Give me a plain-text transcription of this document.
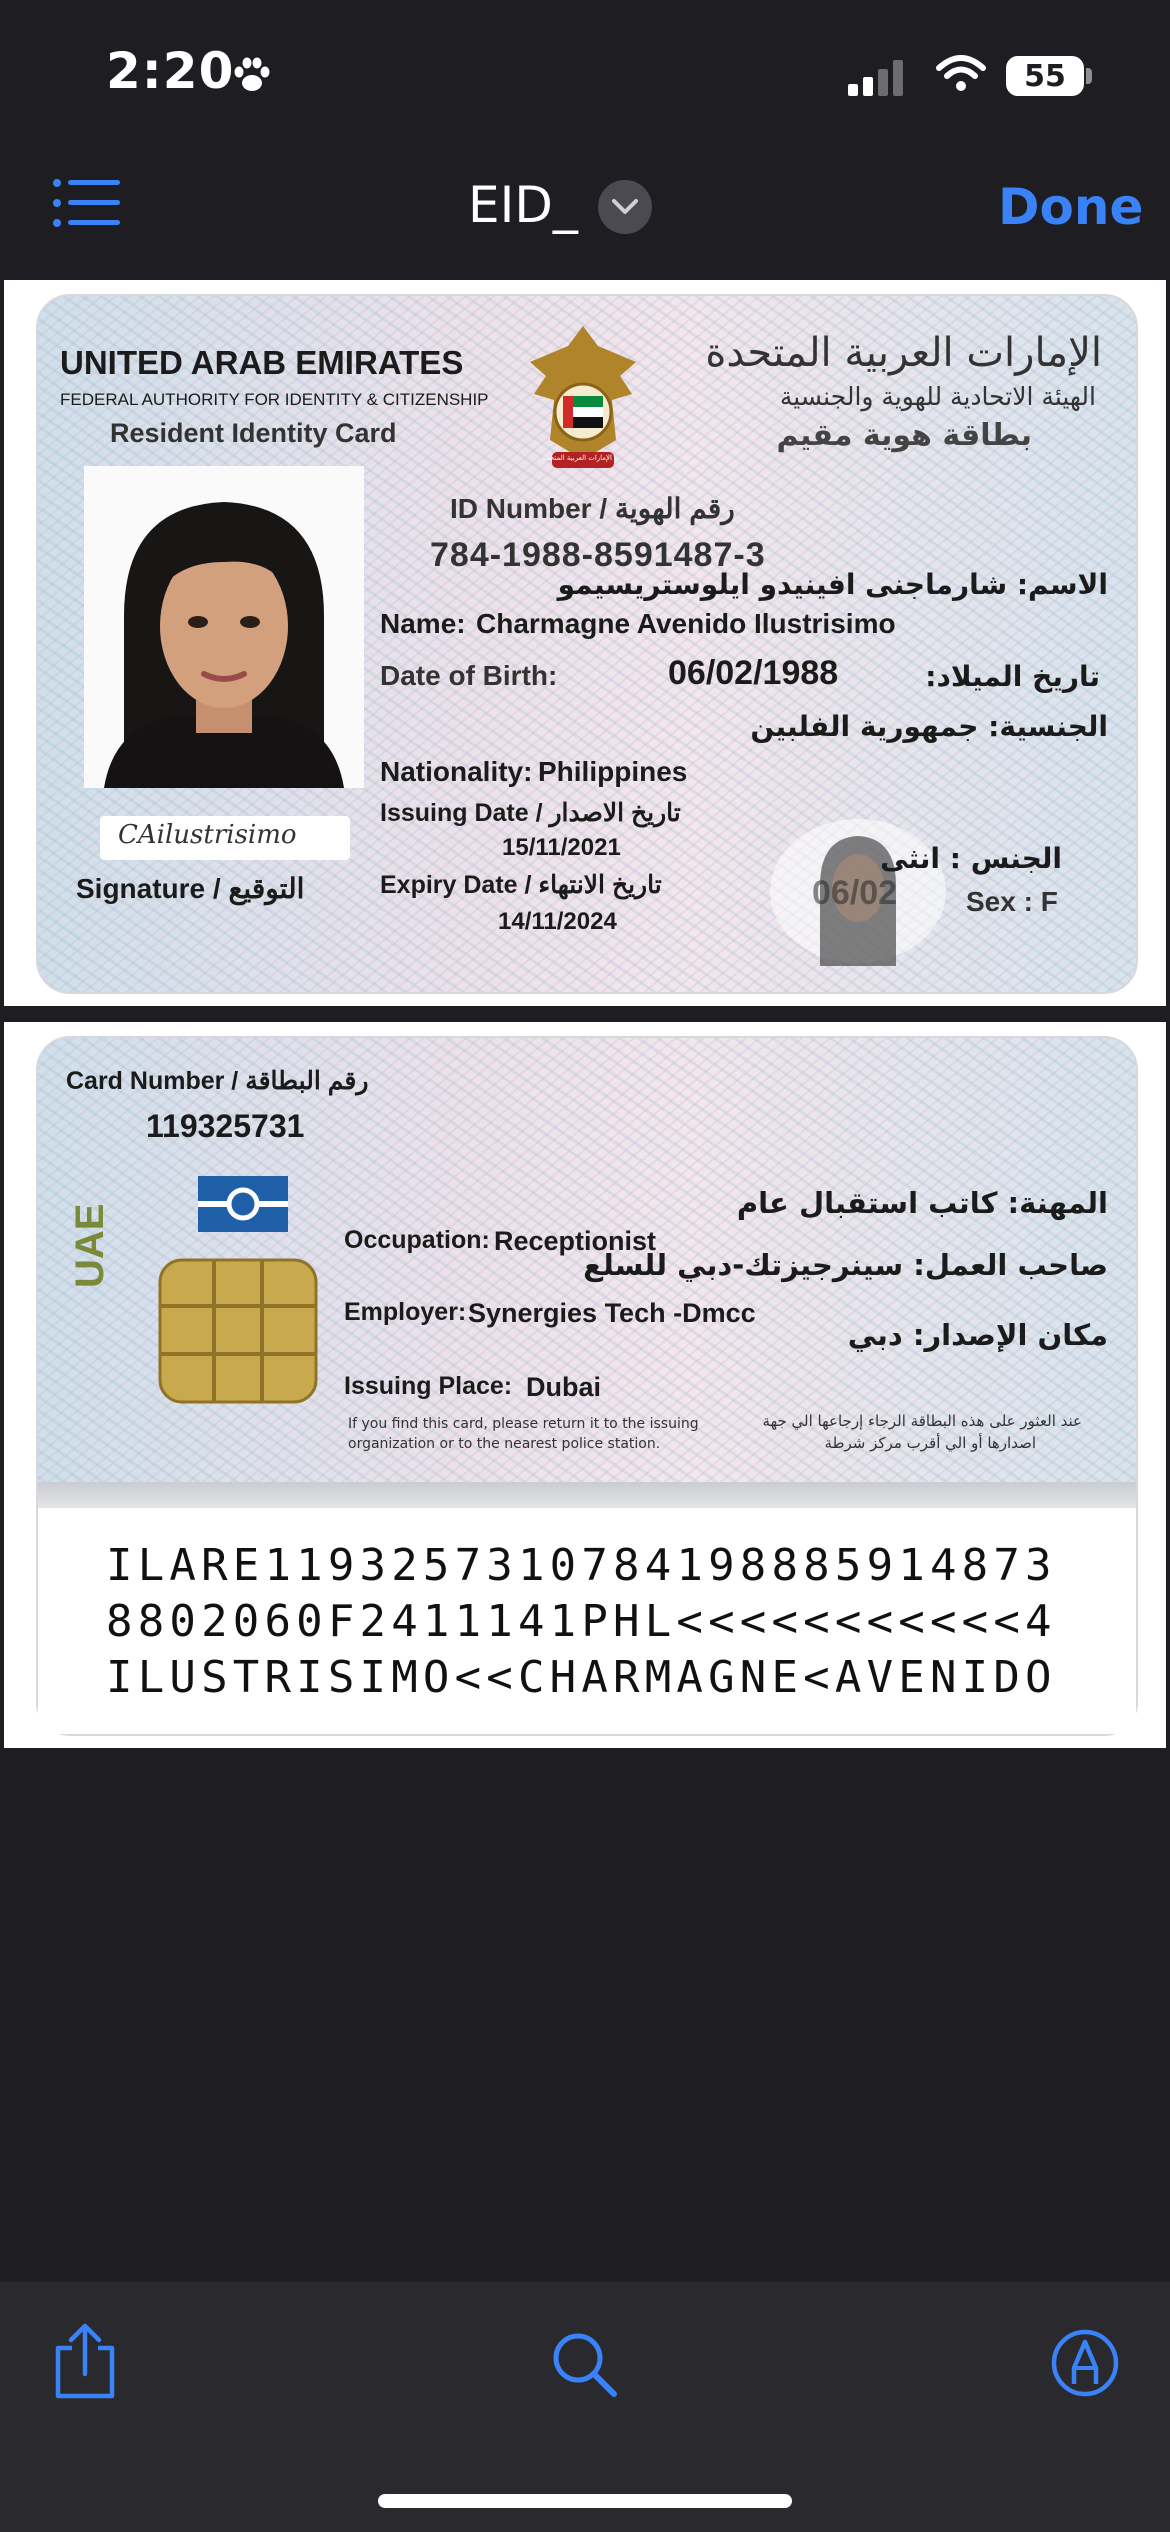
2:20	55
EID_	Done
UNITED ARAB EMIRATES
FEDERAL AUTHORITY FOR IDENTITY & CITIZENSHIP
Resident Identity Card
الإمارات العربية المتحدة
الإمارات العربية المتحدة
الهيئة الاتحادية للهوية والجنسية
بطاقة هوية مقيم
CAilustrisimo
Signature / التوقيع
ID Number / رقم الهوية
784-1988-8591487-3
الاسم: شارماجنى افينيدو ايلوستريسيمو
Name: Charmagne Avenido Ilustrisimo
Date of Birth:	06/02/1988	تاريخ الميلاد:
الجنسية: جمهورية الفلبين
Nationality: Philippines
Issuing Date / تاريخ الاصدار
15/11/2021
Expiry Date / تاريخ الانتهاء
14/11/2024
06/02
الجنس : انثى
Sex : F
Card Number / رقم البطاقة
119325731
UAE	Occupation: Receptionist
المهنة: كاتب استقبال عام
صاحب العمل: سينرجيزتك-دبي للسلع
Employer: Synergies Tech -Dmcc
مكان الإصدار: دبي
Issuing Place: Dubai
If you find this card, please return it to the issuing
organization or to the nearest police station.
عند العثور على هذه البطاقة الرجاء إرجاعها الي جهة
اصدارها أو الي أقرب مركز شرطة
ILARE1193257310784198885914873
8802060F2411141PHL<<<<<<<<<<<4
ILUSTRISIMO<<CHARMAGNE<AVENIDO
